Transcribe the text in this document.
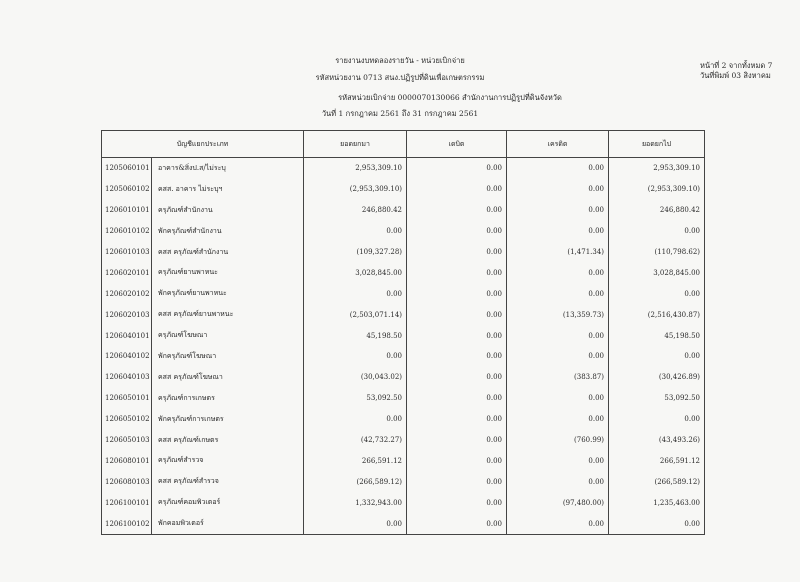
รายงานงบทดลองรายวัน - หน่วยเบิกจ่าย
รหัสหน่วยงาน 0713 สนง.ปฏิรูปที่ดินเพื่อเกษตรกรรม
รหัสหน่วยเบิกจ่าย 0000070130066 สำนักงานการปฏิรูปที่ดินจังหวัด
วันที่ 1 กรกฎาคม 2561 ถึง 31 กรกฎาคม 2561
หน้าที่ 2 จากทั้งหมด 7
วันที่พิมพ์ 03 สิงหาคม
บัญชีแยกประเภท		ยอดยกมา	เดบิต	เครดิต	ยอดยกไป
1205060101	อาคาร&สิ่งป.ส/ไม่ระบุ	2,953,309.10	0.00	0.00	2,953,309.10
1205060102	คสส. อาคาร ไม่ระบุฯ	(2,953,309.10)	0.00	0.00	(2,953,309.10)
1206010101	ครุภัณฑ์สำนักงาน	246,880.42	0.00	0.00	246,880.42
1206010102	พักครุภัณฑ์สำนักงาน	0.00	0.00	0.00	0.00
1206010103	คสส ครุภัณฑ์สำนักงาน	(109,327.28)	0.00	(1,471.34)	(110,798.62)
1206020101	ครุภัณฑ์ยานพาหนะ	3,028,845.00	0.00	0.00	3,028,845.00
1206020102	พักครุภัณฑ์ยานพาหนะ	0.00	0.00	0.00	0.00
1206020103	คสส ครุภัณฑ์ยานพาหนะ	(2,503,071.14)	0.00	(13,359.73)	(2,516,430.87)
1206040101	ครุภัณฑ์โฆษณา	45,198.50	0.00	0.00	45,198.50
1206040102	พักครุภัณฑ์โฆษณา	0.00	0.00	0.00	0.00
1206040103	คสส ครุภัณฑ์โฆษณา	(30,043.02)	0.00	(383.87)	(30,426.89)
1206050101	ครุภัณฑ์การเกษตร	53,092.50	0.00	0.00	53,092.50
1206050102	พักครุภัณฑ์การเกษตร	0.00	0.00	0.00	0.00
1206050103	คสส ครุภัณฑ์เกษตร	(42,732.27)	0.00	(760.99)	(43,493.26)
1206080101	ครุภัณฑ์สำรวจ	266,591.12	0.00	0.00	266,591.12
1206080103	คสส ครุภัณฑ์สำรวจ	(266,589.12)	0.00	0.00	(266,589.12)
1206100101	ครุภัณฑ์คอมพิวเตอร์	1,332,943.00	0.00	(97,480.00)	1,235,463.00
1206100102	พักคอมพิวเตอร์	0.00	0.00	0.00	0.00
